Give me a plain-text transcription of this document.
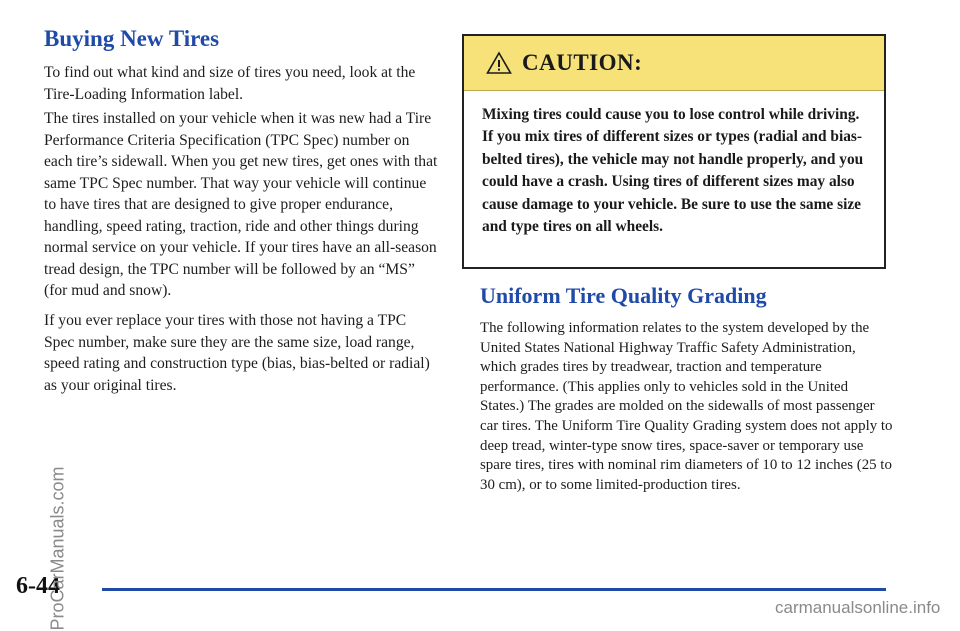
Buying New Tires

To find out what kind and size of tires you need, look at the Tire-Loading Information label.

The tires installed on your vehicle when it was new had a Tire Performance Criteria Specification (TPC Spec) number on each tire’s sidewall. When you get new tires, get ones with that same TPC Spec number. That way your vehicle will continue to have tires that are designed to give proper endurance, handling, speed rating, traction, ride and other things during normal service on your vehicle. If your tires have an all-season tread design, the TPC number will be followed by an “MS” (for mud and snow).

If you ever replace your tires with those not having a TPC Spec number, make sure they are the same size, load range, speed rating and construction type (bias, bias-belted or radial) as your original tires.

CAUTION:

Mixing tires could cause you to lose control while driving. If you mix tires of different sizes or types (radial and bias-belted tires), the vehicle may not handle properly, and you could have a crash. Using tires of different sizes may also cause damage to your vehicle. Be sure to use the same size and type tires on all wheels.

Uniform Tire Quality Grading

The following information relates to the system developed by the United States National Highway Traffic Safety Administration, which grades tires by treadwear, traction and temperature performance. (This applies only to vehicles sold in the United States.) The grades are molded on the sidewalls of most passenger car tires. The Uniform Tire Quality Grading system does not apply to deep tread, winter-type snow tires, space-saver or temporary use spare tires, tires with nominal rim diameters of 10 to 12 inches (25 to 30 cm), or to some limited-production tires.

6-44
ProCarManuals.com	carmanualsonline.info
